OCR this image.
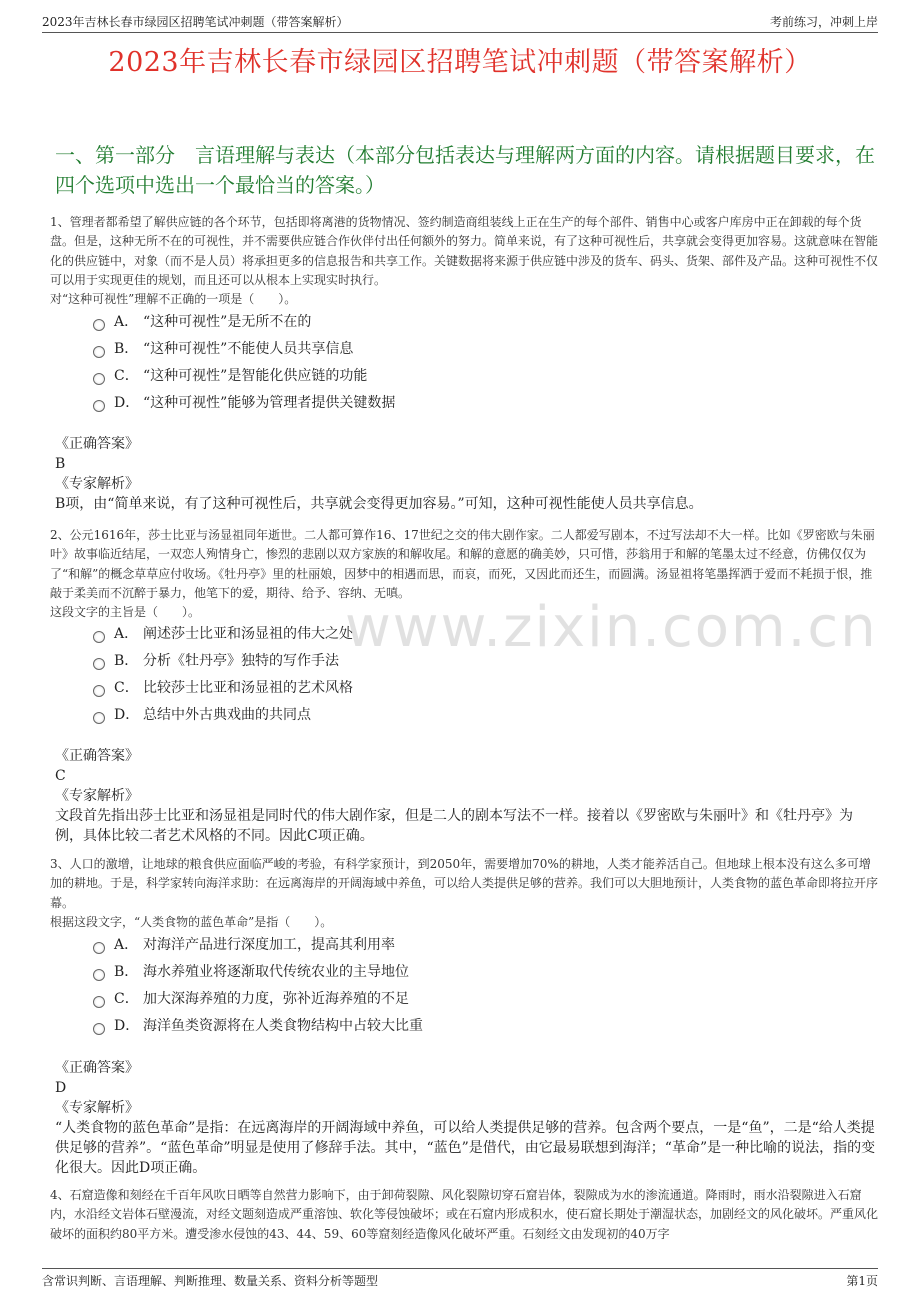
2023年吉林长春市绿园区招聘笔试冲刺题（带答案解析）	考前练习，冲刺上岸
2023年吉林长春市绿园区招聘笔试冲刺题（带答案解析）
一、第一部分　言语理解与表达（本部分包括表达与理解两方面的内容。请根据题目要求，在四个选项中选出一个最恰当的答案。）
www.zixin.com.cn

1、管理者都希望了解供应链的各个环节，包括即将离港的货物情况、签约制造商组装线上正在生产的每个部件、销售中心或客户库房中正在卸载的每个货盘。但是，这种无所不在的可视性，并不需要供应链合作伙伴付出任何额外的努力。简单来说，有了这种可视性后，共享就会变得更加容易。这就意味在智能化的供应链中，对象（而不是人员）将承担更多的信息报告和共享工作。关键数据将来源于供应链中涉及的货车、码头、货架、部件及产品。这种可视性不仅可以用于实现更佳的规划，而且还可以从根本上实现实时执行。

对“这种可视性”理解不正确的一项是（　　）。

A． “这种可视性”是无所不在的
B． “这种可视性”不能使人员共享信息
C． “这种可视性”是智能化供应链的功能
D． “这种可视性”能够为管理者提供关键数据
《正确答案》
B
《专家解析》
B项，由“简单来说，有了这种可视性后，共享就会变得更加容易。”可知，这种可视性能使人员共享信息。

2、公元1616年，莎士比亚与汤显祖同年逝世。二人都可算作16、17世纪之交的伟大剧作家。二人都爱写剧本，不过写法却不大一样。比如《罗密欧与朱丽叶》故事临近结尾，一双恋人殉情身亡，惨烈的悲剧以双方家族的和解收尾。和解的意愿的确美妙，只可惜，莎翁用于和解的笔墨太过不经意，仿佛仅仅为了“和解”的概念草草应付收场。《牡丹亭》里的杜丽娘，因梦中的相遇而思，而哀，而死，又因此而还生，而圆满。汤显祖将笔墨挥洒于爱而不耗损于恨，推敲于柔美而不沉醉于暴力，他笔下的爱，期待、给予、容纳、无嗔。

这段文字的主旨是（　　）。

A． 阐述莎士比亚和汤显祖的伟大之处
B． 分析《牡丹亭》独特的写作手法
C． 比较莎士比亚和汤显祖的艺术风格
D． 总结中外古典戏曲的共同点
《正确答案》
C
《专家解析》
文段首先指出莎士比亚和汤显祖是同时代的伟大剧作家，但是二人的剧本写法不一样。接着以《罗密欧与朱丽叶》和《牡丹亭》为例，具体比较二者艺术风格的不同。因此C项正确。

3、人口的激增，让地球的粮食供应面临严峻的考验，有科学家预计，到2050年，需要增加70%的耕地，人类才能养活自己。但地球上根本没有这么多可增加的耕地。于是，科学家转向海洋求助：在远离海岸的开阔海域中养鱼，可以给人类提供足够的营养。我们可以大胆地预计，人类食物的蓝色革命即将拉开序幕。

根据这段文字，“人类食物的蓝色革命”是指（　　）。

A． 对海洋产品进行深度加工，提高其利用率
B． 海水养殖业将逐渐取代传统农业的主导地位
C． 加大深海养殖的力度，弥补近海养殖的不足
D． 海洋鱼类资源将在人类食物结构中占较大比重
《正确答案》
D
《专家解析》
“人类食物的蓝色革命”是指：在远离海岸的开阔海域中养鱼，可以给人类提供足够的营养。包含两个要点，一是“鱼”，二是“给人类提供足够的营养”。“蓝色革命”明显是使用了修辞手法。其中，“蓝色”是借代，由它最易联想到海洋；“革命”是一种比喻的说法，指的变化很大。因此D项正确。

4、石窟造像和刻经在千百年风吹日晒等自然营力影响下，由于卸荷裂隙、风化裂隙切穿石窟岩体，裂隙成为水的渗流通道。降雨时，雨水沿裂隙进入石窟内，水沿经文岩体石壁漫流，对经文题刻造成严重溶蚀、软化等侵蚀破坏；或在石窟内形成积水，使石窟长期处于潮湿状态，加剧经文的风化破坏。严重风化破坏的面积约80平方米。遭受渗水侵蚀的43、44、59、60等窟刻经造像风化破坏严重。石刻经文由发现初的40万字

含常识判断、言语理解、判断推理、数量关系、资料分析等题型	第1页
